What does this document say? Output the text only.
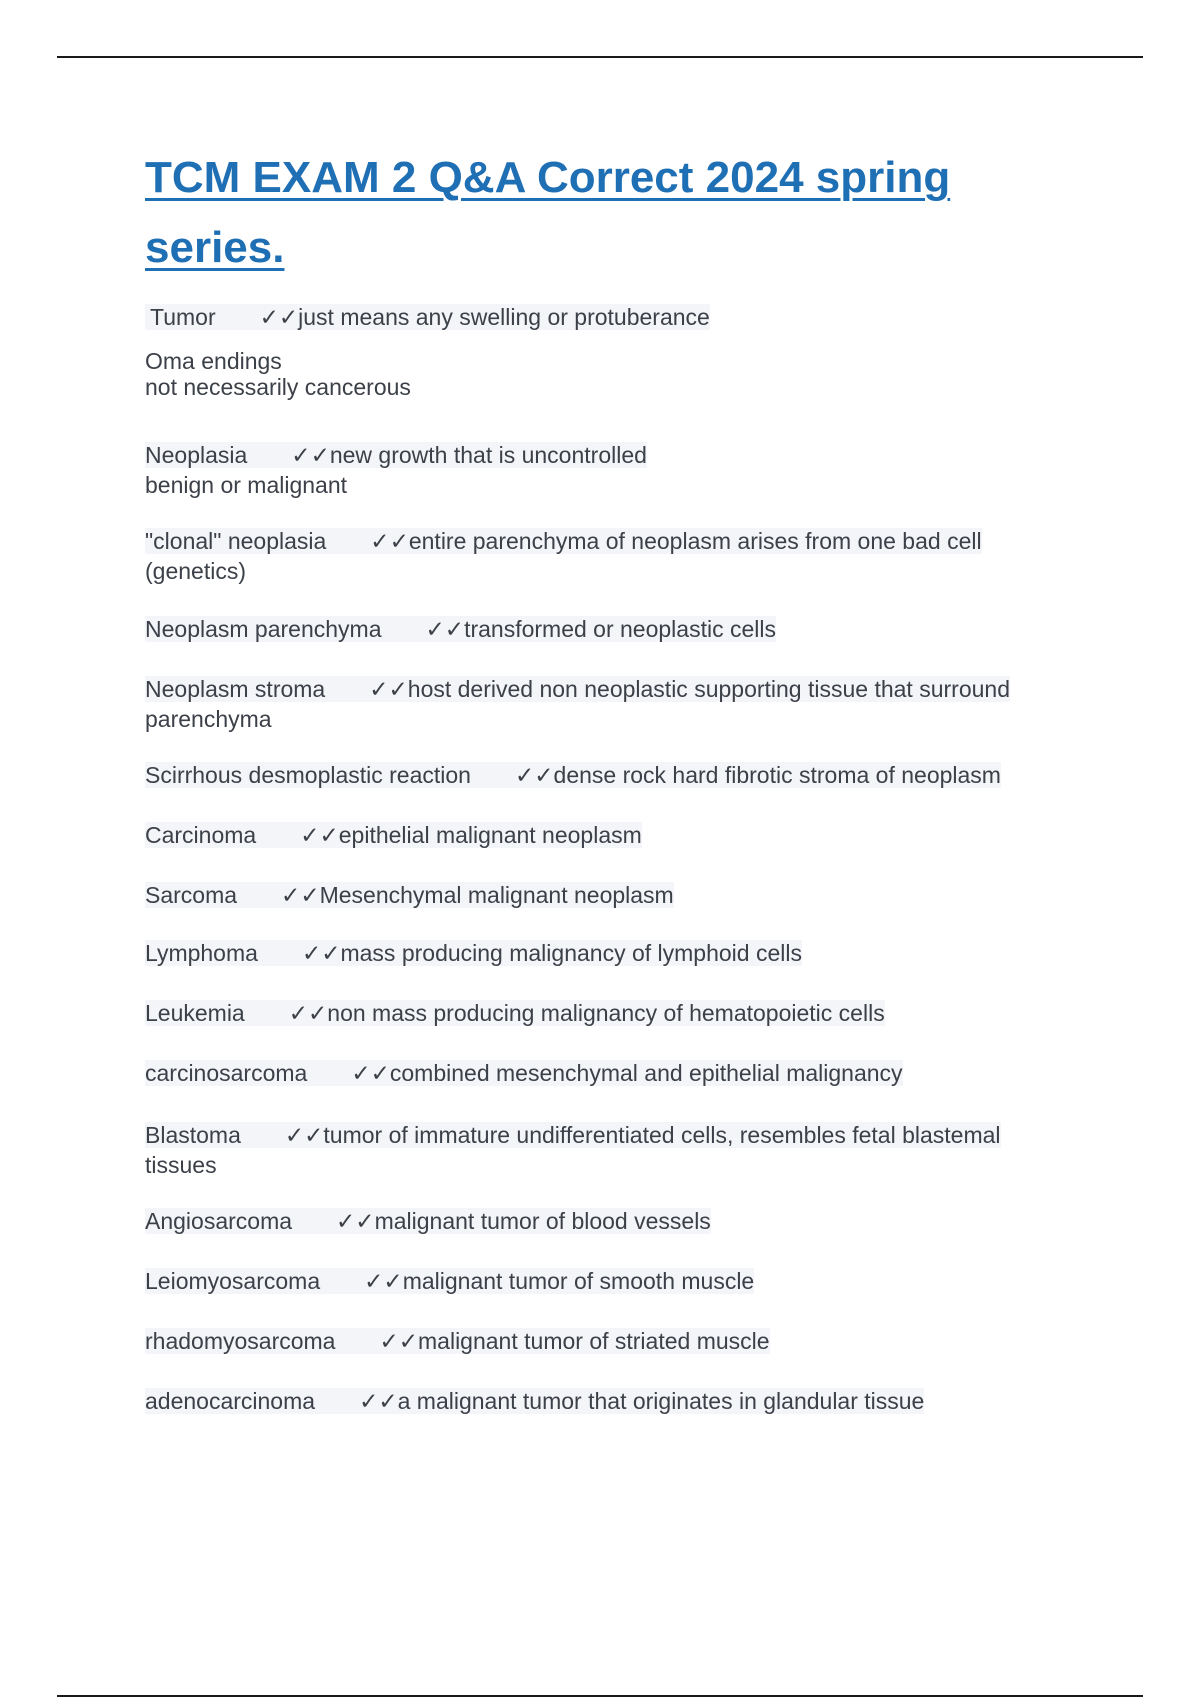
TCM EXAM 2 Q&A Correct 2024 spring series.
Tumor ✓✓just means any swelling or protuberance
Oma endings
not necessarily cancerous
Neoplasia ✓✓new growth that is uncontrolled
benign or malignant
"clonal" neoplasia ✓✓entire parenchyma of neoplasm arises from one bad cell
(genetics)
Neoplasm parenchyma ✓✓transformed or neoplastic cells
Neoplasm stroma ✓✓host derived non neoplastic supporting tissue that surround
parenchyma
Scirrhous desmoplastic reaction ✓✓dense rock hard fibrotic stroma of neoplasm
Carcinoma ✓✓epithelial malignant neoplasm
Sarcoma ✓✓Mesenchymal malignant neoplasm
Lymphoma ✓✓mass producing malignancy of lymphoid cells
Leukemia ✓✓non mass producing malignancy of hematopoietic cells
carcinosarcoma ✓✓combined mesenchymal and epithelial malignancy
Blastoma ✓✓tumor of immature undifferentiated cells, resembles fetal blastemal
tissues
Angiosarcoma ✓✓malignant tumor of blood vessels
Leiomyosarcoma ✓✓malignant tumor of smooth muscle
rhadomyosarcoma ✓✓malignant tumor of striated muscle
adenocarcinoma ✓✓a malignant tumor that originates in glandular tissue
